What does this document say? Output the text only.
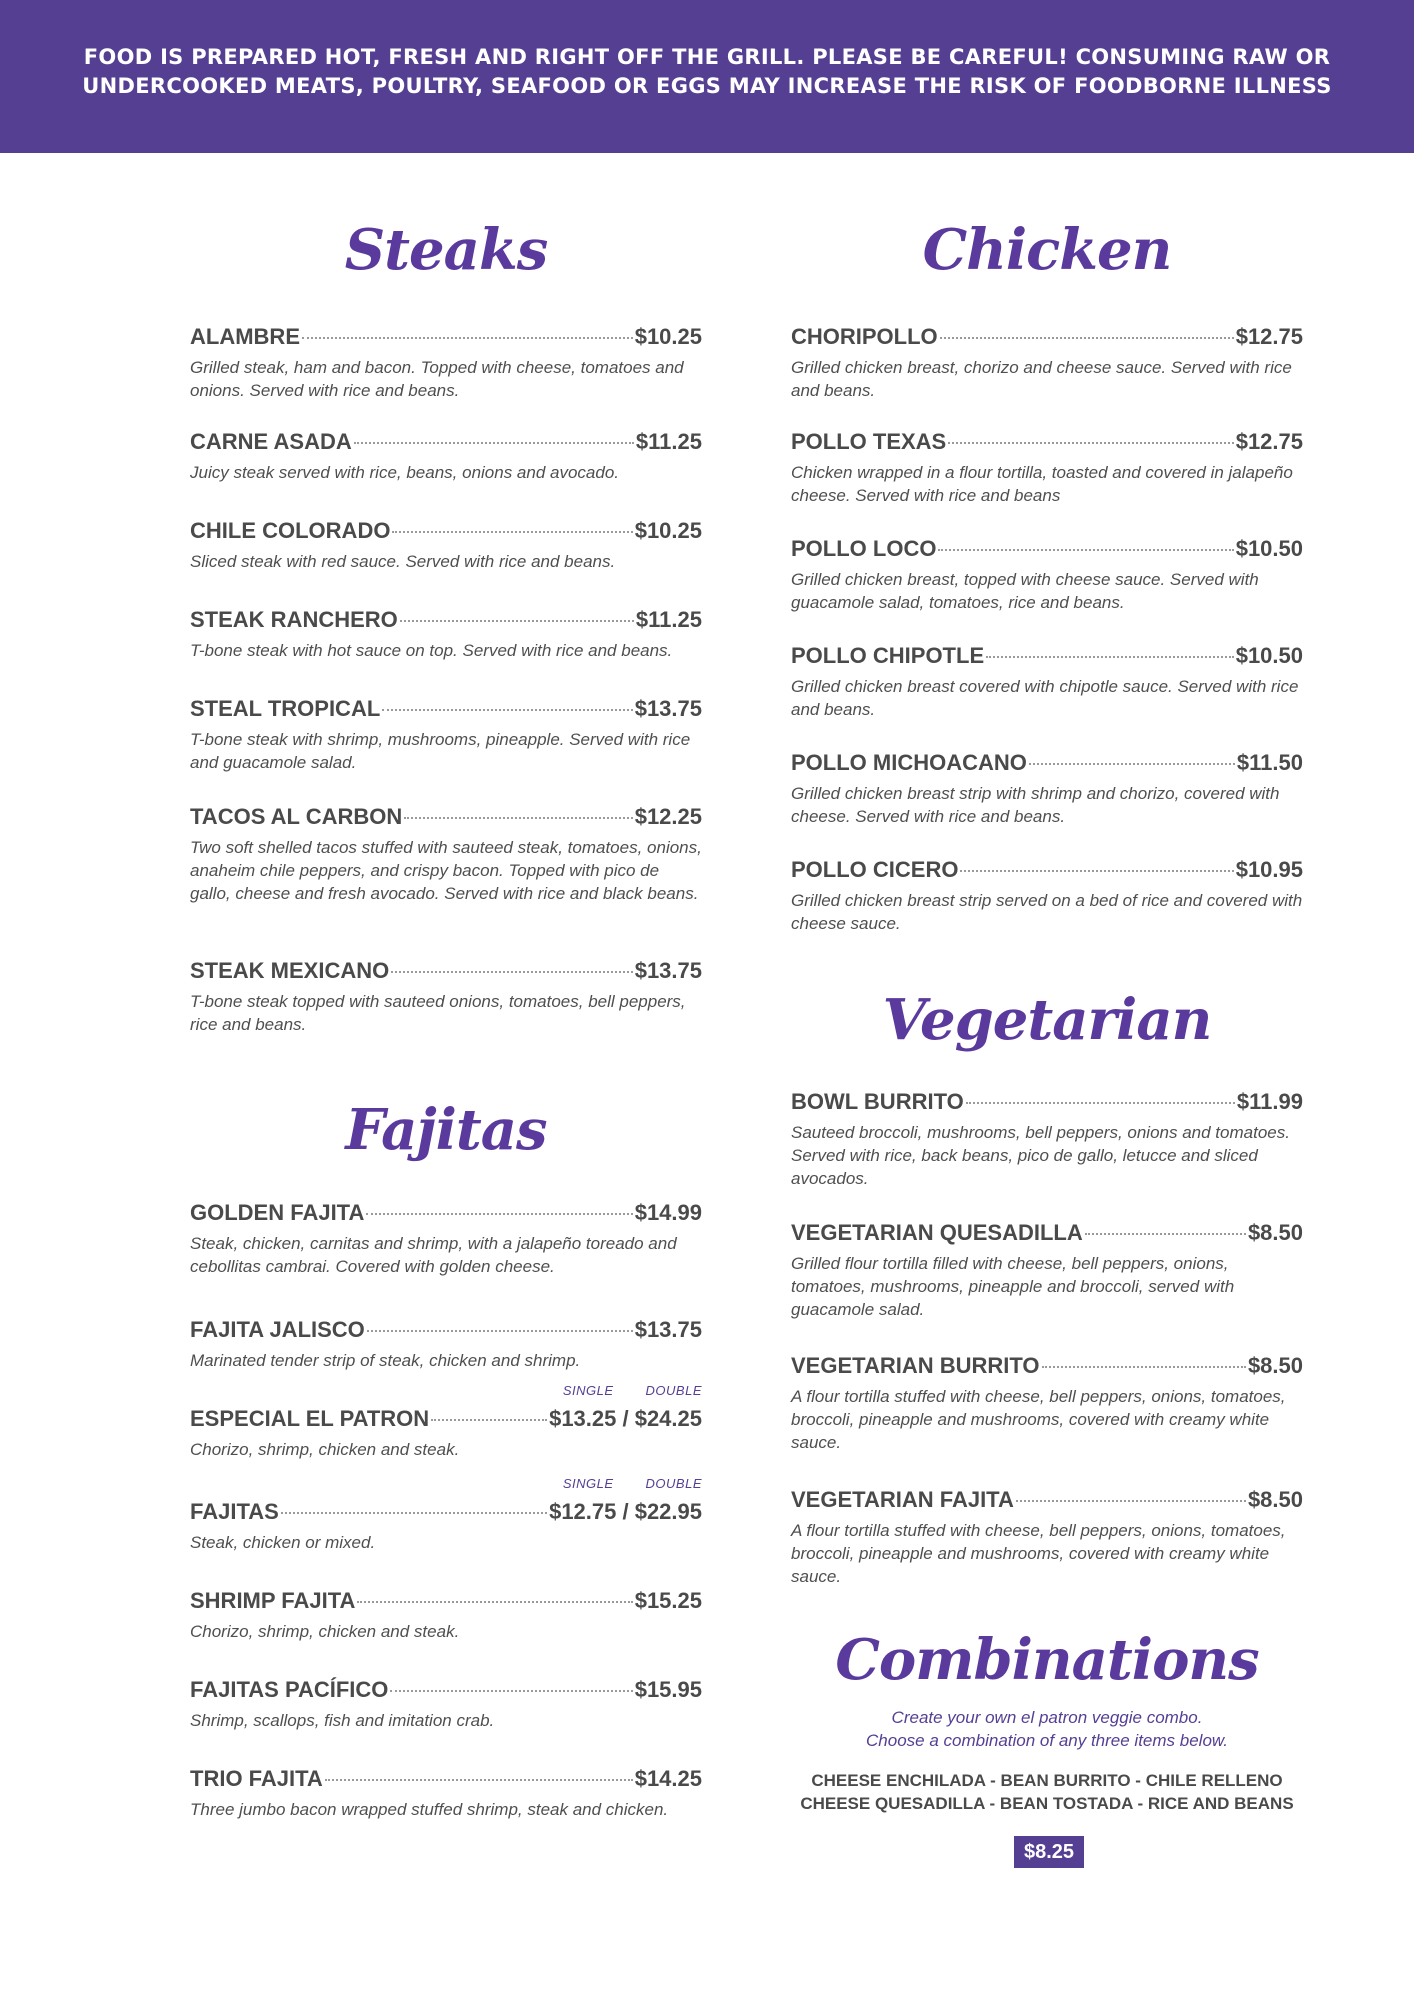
FOOD IS PREPARED HOT, FRESH AND RIGHT OFF THE GRILL. PLEASE BE CAREFUL! CONSUMING RAW OR
UNDERCOOKED MEATS, POULTRY, SEAFOOD OR EGGS MAY INCREASE THE RISK OF FOODBORNE ILLNESS
Steaks
ALAMBRE	$10.25
Grilled steak, ham and bacon. Topped with cheese, tomatoes and onions. Served with rice and beans.
CARNE ASADA	$11.25
Juicy steak served with rice, beans, onions and avocado.
CHILE COLORADO	$10.25
Sliced steak with red sauce. Served with rice and beans.
STEAK RANCHERO	$11.25
T-bone steak with hot sauce on top. Served with rice and beans.
STEAL TROPICAL	$13.75
T-bone steak with shrimp, mushrooms, pineapple. Served with rice and guacamole salad.
TACOS AL CARBON	$12.25
Two soft shelled tacos stuffed with sauteed steak, tomatoes, onions, anaheim chile peppers, and crispy bacon. Topped with pico de gallo, cheese and fresh avocado. Served with rice and black beans.
STEAK MEXICANO	$13.75
T-bone steak topped with sauteed onions, tomatoes, bell peppers, rice and beans.
Fajitas
GOLDEN FAJITA	$14.99
Steak, chicken, carnitas and shrimp, with a jalapeño toreado and cebollitas cambrai. Covered with golden cheese.
FAJITA JALISCO	$13.75
Marinated tender strip of steak, chicken and shrimp.
SINGLE DOUBLE
ESPECIAL EL PATRON	$13.25 / $24.25
Chorizo, shrimp, chicken and steak.
SINGLE DOUBLE
FAJITAS	$12.75 / $22.95
Steak, chicken or mixed.
SHRIMP FAJITA	$15.25
Chorizo, shrimp, chicken and steak.
FAJITAS PACÍFICO	$15.95
Shrimp, scallops, fish and imitation crab.
TRIO FAJITA	$14.25
Three jumbo bacon wrapped stuffed shrimp, steak and chicken.
Chicken
CHORIPOLLO	$12.75
Grilled chicken breast, chorizo and cheese sauce. Served with rice and beans.
POLLO TEXAS	$12.75
Chicken wrapped in a flour tortilla, toasted and covered in jalapeño cheese. Served with rice and beans
POLLO LOCO	$10.50
Grilled chicken breast, topped with cheese sauce. Served with guacamole salad, tomatoes, rice and beans.
POLLO CHIPOTLE	$10.50
Grilled chicken breast covered with chipotle sauce. Served with rice and beans.
POLLO MICHOACANO	$11.50
Grilled chicken breast strip with shrimp and chorizo, covered with cheese. Served with rice and beans.
POLLO CICERO	$10.95
Grilled chicken breast strip served on a bed of rice and covered with cheese sauce.
Vegetarian
BOWL BURRITO	$11.99
Sauteed broccoli, mushrooms, bell peppers, onions and tomatoes. Served with rice, back beans, pico de gallo, letucce and sliced avocados.
VEGETARIAN QUESADILLA	$8.50
Grilled flour tortilla filled with cheese, bell peppers, onions, tomatoes, mushrooms, pineapple and broccoli, served with guacamole salad.
VEGETARIAN BURRITO	$8.50
A flour tortilla stuffed with cheese, bell peppers, onions, tomatoes, broccoli, pineapple and mushrooms, covered with creamy white sauce.
VEGETARIAN FAJITA	$8.50
A flour tortilla stuffed with cheese, bell peppers, onions, tomatoes, broccoli, pineapple and mushrooms, covered with creamy white sauce.
Combinations
Create your own el patron veggie combo.
Choose a combination of any three items below.
CHEESE ENCHILADA - BEAN BURRITO - CHILE RELLENO
CHEESE QUESADILLA - BEAN TOSTADA - RICE AND BEANS
$8.25
